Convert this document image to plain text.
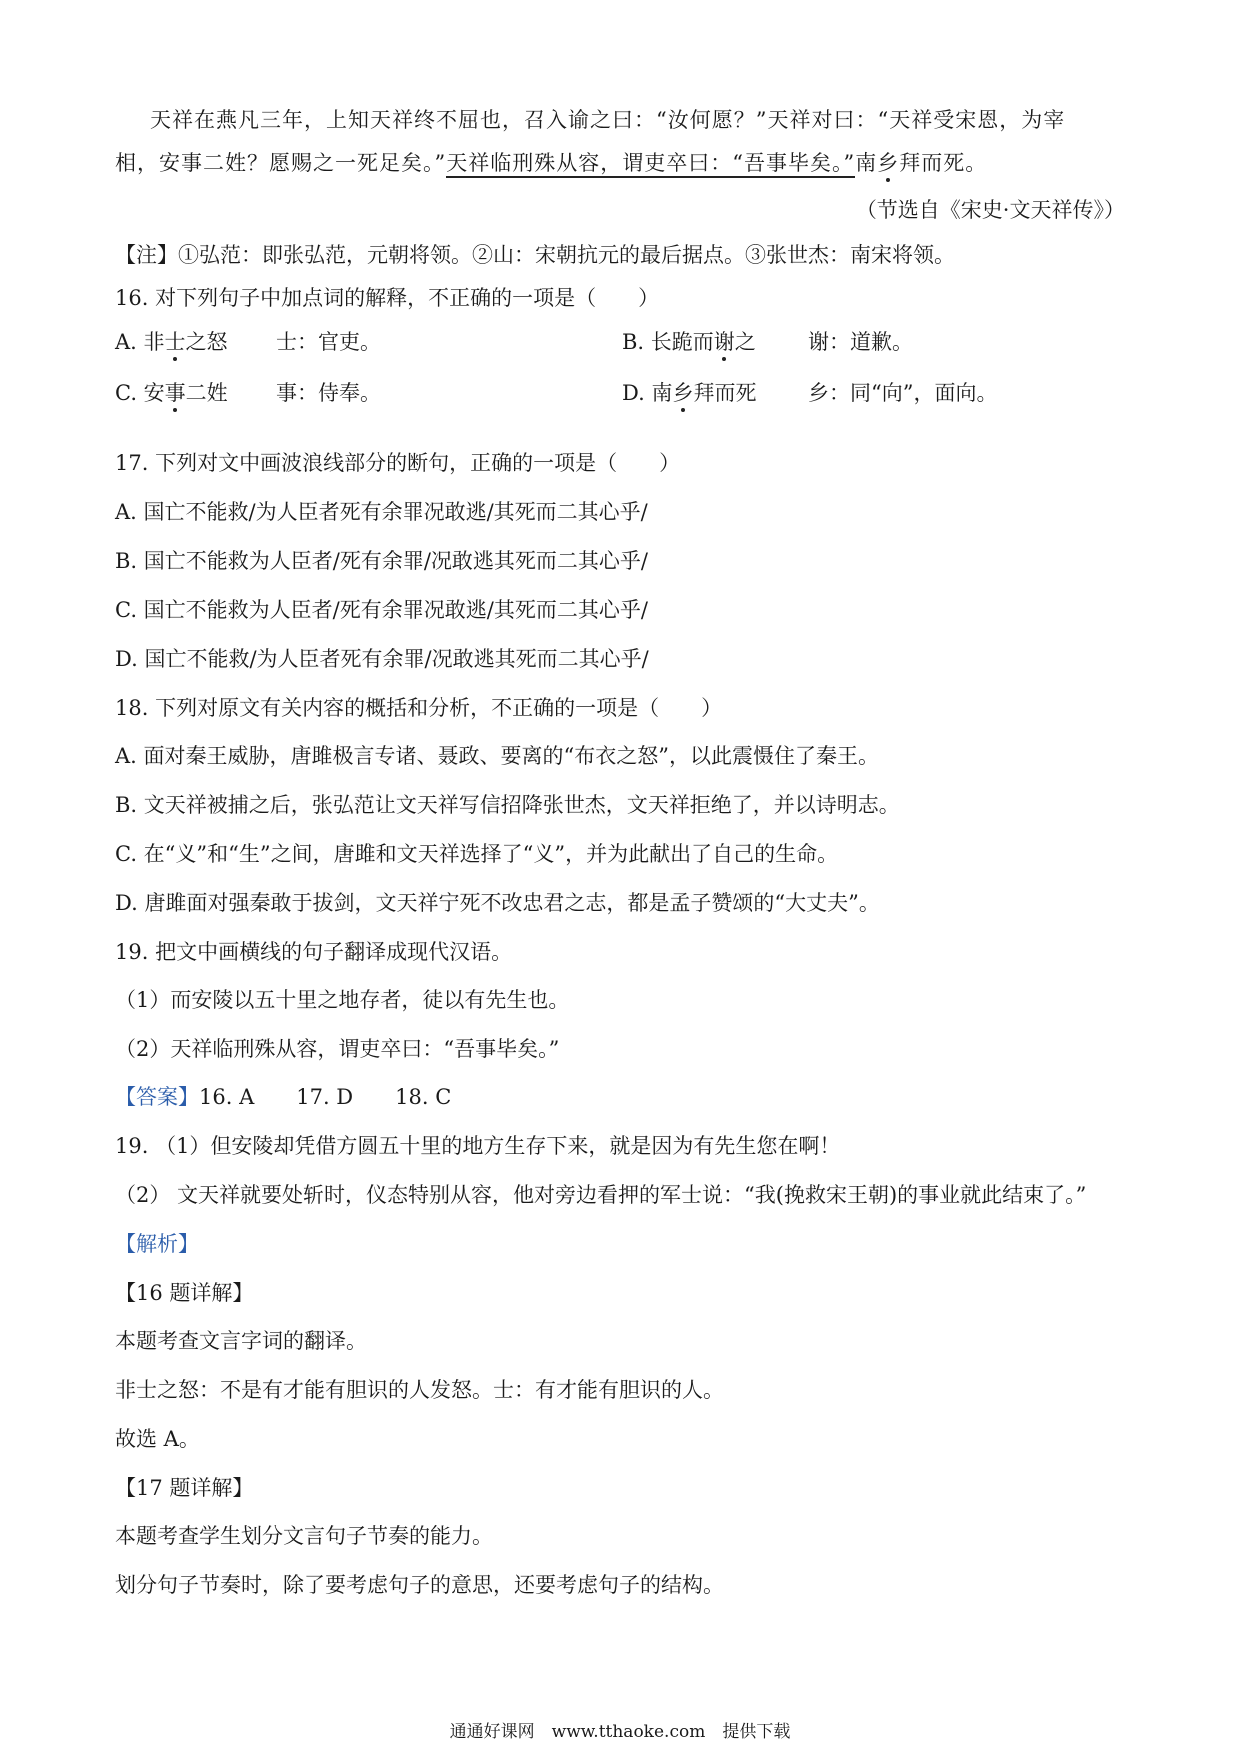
天祥在燕凡三年，上知天祥终不屈也，召入谕之曰：“汝何愿？”天祥对曰：“天祥受宋恩，为宰
相，安事二姓？愿赐之一死足矣。”天祥临刑殊从容，谓吏卒曰：“吾事毕矣。”南乡拜而死。
（节选自《宋史·文天祥传》）
【注】①弘范：即张弘范，元朝将领。②山：宋朝抗元的最后据点。③张世杰：南宋将领。
16. 对下列句子中加点词的解释，不正确的一项是（　　）
A. 非士之怒 士：官吏。	B. 长跪而谢之 谢：道歉。
C. 安事二姓 事：侍奉。	D. 南乡拜而死 乡：同“向”，面向。
17. 下列对文中画波浪线部分的断句，正确的一项是（　　）
A. 国亡不能救/为人臣者死有余罪况敢逃/其死而二其心乎/
B. 国亡不能救为人臣者/死有余罪/况敢逃其死而二其心乎/
C. 国亡不能救为人臣者/死有余罪况敢逃/其死而二其心乎/
D. 国亡不能救/为人臣者死有余罪/况敢逃其死而二其心乎/
18. 下列对原文有关内容的概括和分析，不正确的一项是（　　）
A. 面对秦王威胁，唐雎极言专诸、聂政、要离的“布衣之怒”，以此震慑住了秦王。
B. 文天祥被捕之后，张弘范让文天祥写信招降张世杰，文天祥拒绝了，并以诗明志。
C. 在“义”和“生”之间，唐雎和文天祥选择了“义”，并为此献出了自己的生命。
D. 唐雎面对强秦敢于拔剑，文天祥宁死不改忠君之志，都是孟子赞颂的“大丈夫”。
19. 把文中画横线的句子翻译成现代汉语。
（1）而安陵以五十里之地存者，徒以有先生也。
（2）天祥临刑殊从容，谓吏卒曰：“吾事毕矣。”
【答案】16. A　　17. D　　18. C
19. （1）但安陵却凭借方圆五十里的地方生存下来，就是因为有先生您在啊！
（2） 文天祥就要处斩时，仪态特别从容，他对旁边看押的军士说：“我(挽救宋王朝)的事业就此结束了。”
【解析】
【16 题详解】
本题考查文言字词的翻译。
非士之怒：不是有才能有胆识的人发怒。士：有才能有胆识的人。
故选 A。
【17 题详解】
本题考查学生划分文言句子节奏的能力。
划分句子节奏时，除了要考虑句子的意思，还要考虑句子的结构。
通通好课网　www.tthaoke.com　提供下载
